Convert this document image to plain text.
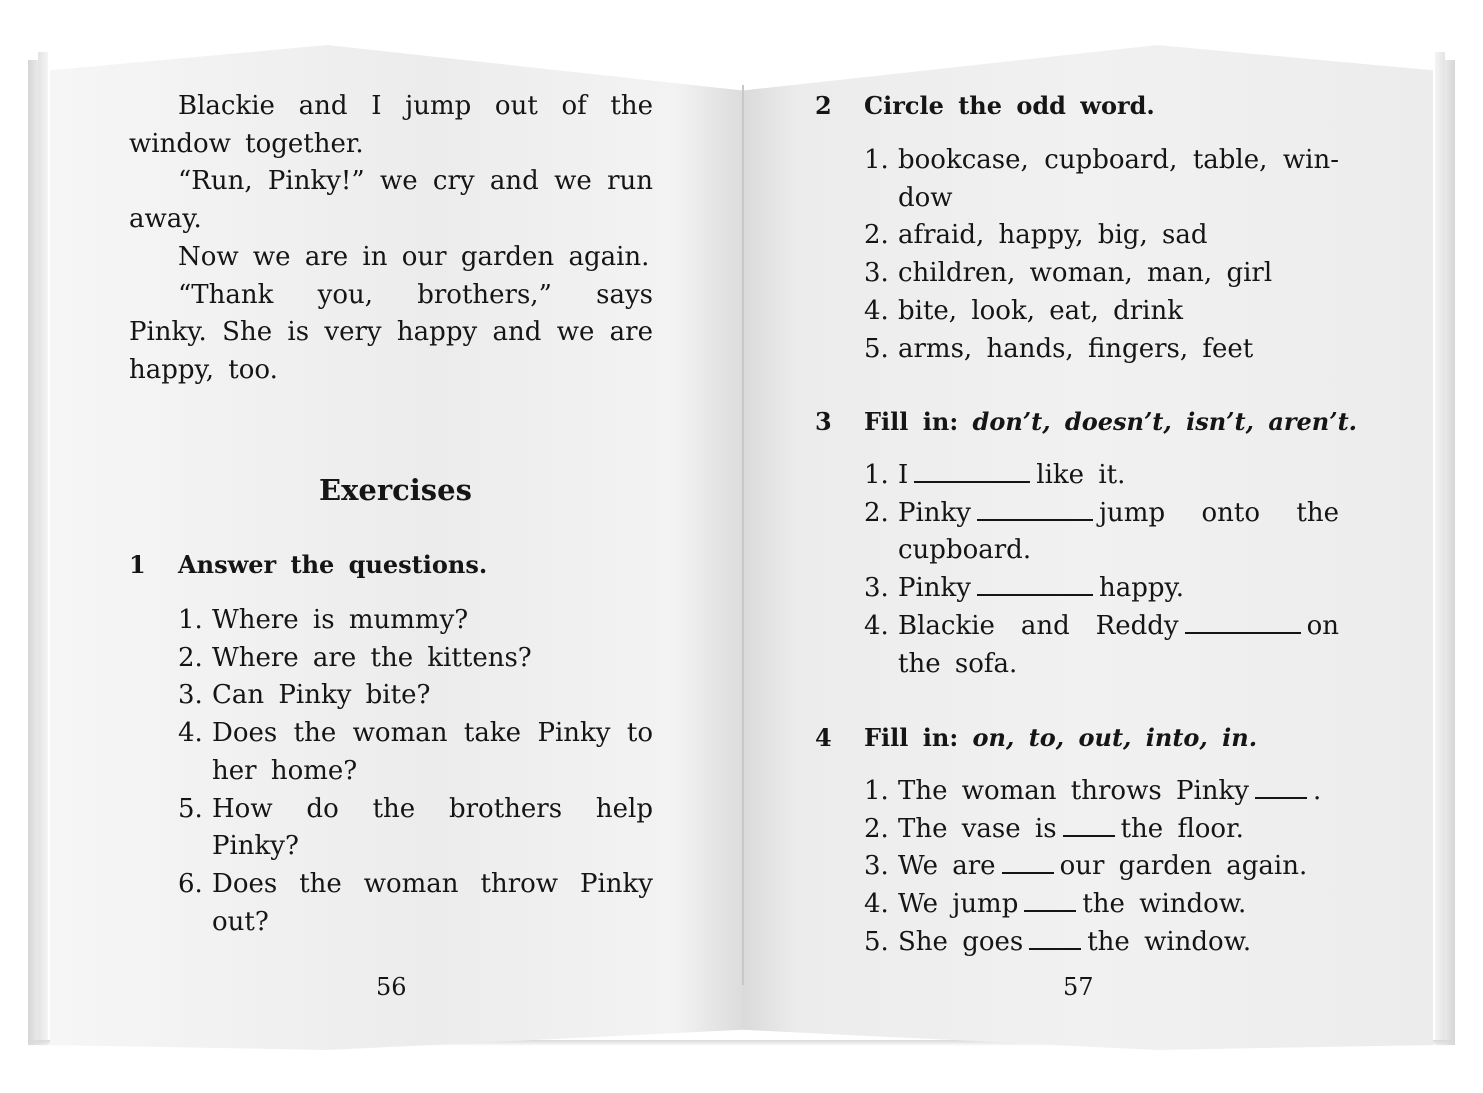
Blackie and I jump out of the window together.

“Run, Pinky!” we cry and we run away.

Now we are in our garden again.

“Thank you, brothers,” says Pinky. She is very happy and we are happy, too.

Exercises
1 Answer the questions.
1. Where is mummy?
2. Where are the kittens?
3. Can Pinky bite?
4. Does the woman take Pinky to her home?
5. How do the brothers help Pinky?
6. Does the woman throw Pinky out?
56
2 Circle the odd word.
1. bookcase, cupboard, table, win-dow
2. afraid, happy, big, sad
3. children, woman, man, girl
4. bite, look, eat, drink
5. arms, hands, fingers, feet
3 Fill in: don’t, doesn’t, isn’t, aren’t.
1. I	like it.
2. Pinky	jump onto the cupboard.
3. Pinky	happy.
4. Blackie and Reddy	on the sofa.
4 Fill in: on, to, out, into, in.
1. The woman throws Pinky .
2. The vase is the floor.
3. We are our garden again.
4. We jump the window.
5. She goes the window.
57
